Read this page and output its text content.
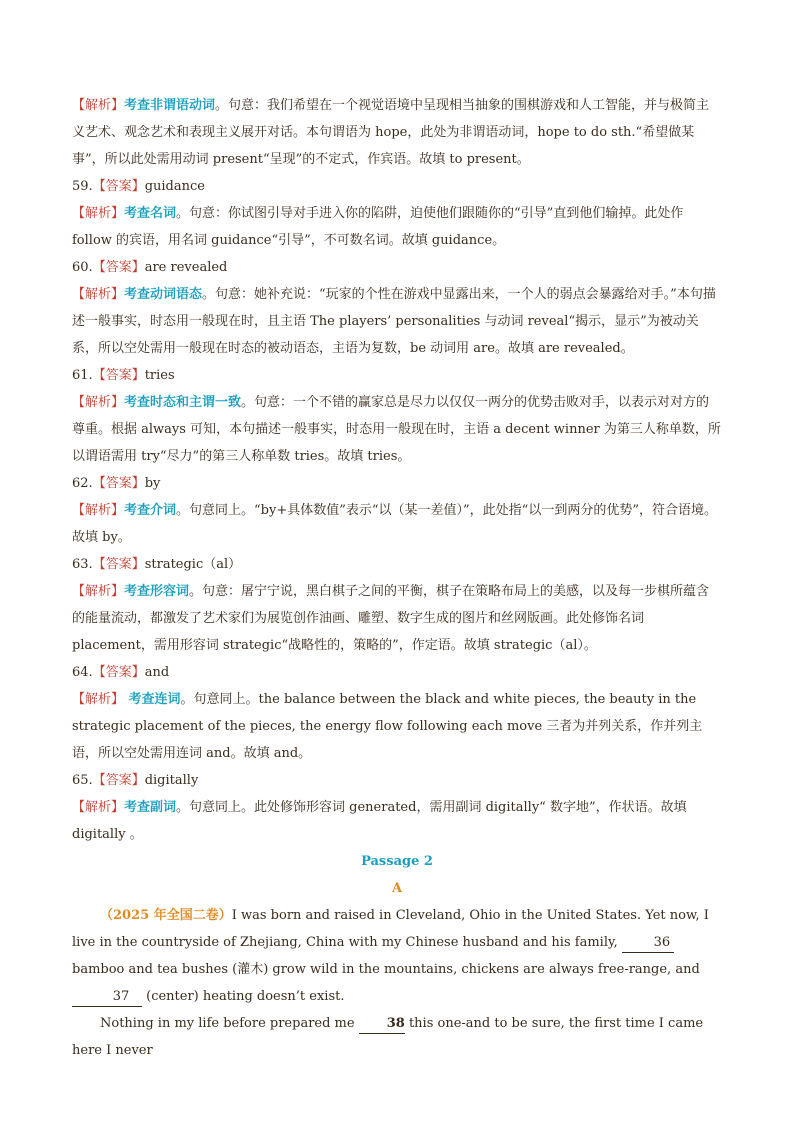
【解析】考查非谓语动词。句意：我们希望在一个视觉语境中呈现相当抽象的围棋游戏和人工智能，并与极简主义艺术、观念艺术和表现主义展开对话。本句谓语为 hope，此处为非谓语动词，hope to do sth.“希望做某事”，所以此处需用动词 present“呈现”的不定式，作宾语。故填 to present。

59.【答案】guidance

【解析】考查名词。句意：你试图引导对手进入你的陷阱，迫使他们跟随你的“引导”直到他们输掉。此处作 follow 的宾语，用名词 guidance“引导”，不可数名词。故填 guidance。

60.【答案】are revealed

【解析】考查动词语态。句意：她补充说：“玩家的个性在游戏中显露出来，一个人的弱点会暴露给对手。”本句描述一般事实，时态用一般现在时，且主语 The players’ personalities 与动词 reveal“揭示，显示”为被动关系，所以空处需用一般现在时态的被动语态，主语为复数，be 动词用 are。故填 are revealed。

61.【答案】tries

【解析】考查时态和主谓一致。句意：一个不错的赢家总是尽力以仅仅一两分的优势击败对手，以表示对对方的尊重。根据 always 可知，本句描述一般事实，时态用一般现在时，主语 a decent winner 为第三人称单数，所以谓语需用 try“尽力”的第三人称单数 tries。故填 tries。

62.【答案】by

【解析】考查介词。句意同上。“by+具体数值”表示“以（某一差值）”，此处指“以一到两分的优势”，符合语境。故填 by。

63.【答案】strategic（al）

【解析】考查形容词。句意：屠宁宁说，黑白棋子之间的平衡，棋子在策略布局上的美感，以及每一步棋所蕴含的能量流动，都激发了艺术家们为展览创作油画、雕塑、数字生成的图片和丝网版画。此处修饰名词 placement，需用形容词 strategic“战略性的，策略的”，作定语。故填 strategic（al）。

64.【答案】and

【解析】 考查连词。句意同上。the balance between the black and white pieces, the beauty in the strategic placement of the pieces, the energy flow following each move 三者为并列关系，作并列主语，所以空处需用连词 and。故填 and。

65.【答案】digitally

【解析】考查副词。句意同上。此处修饰形容词 generated，需用副词 digitally“ 数字地”，作状语。故填 digitally 。

Passage 2

A

（2025 年全国二卷）I was born and raised in Cleveland, Ohio in the United States. Yet now, I live in the countryside of Zhejiang, China with my Chinese husband and his family, 36 bamboo and tea bushes (灌木) grow wild in the mountains, chickens are always free-range, and 37 (center) heating doesn’t exist.

Nothing in my life before prepared me 38 this one-and to be sure, the first time I came here I never
